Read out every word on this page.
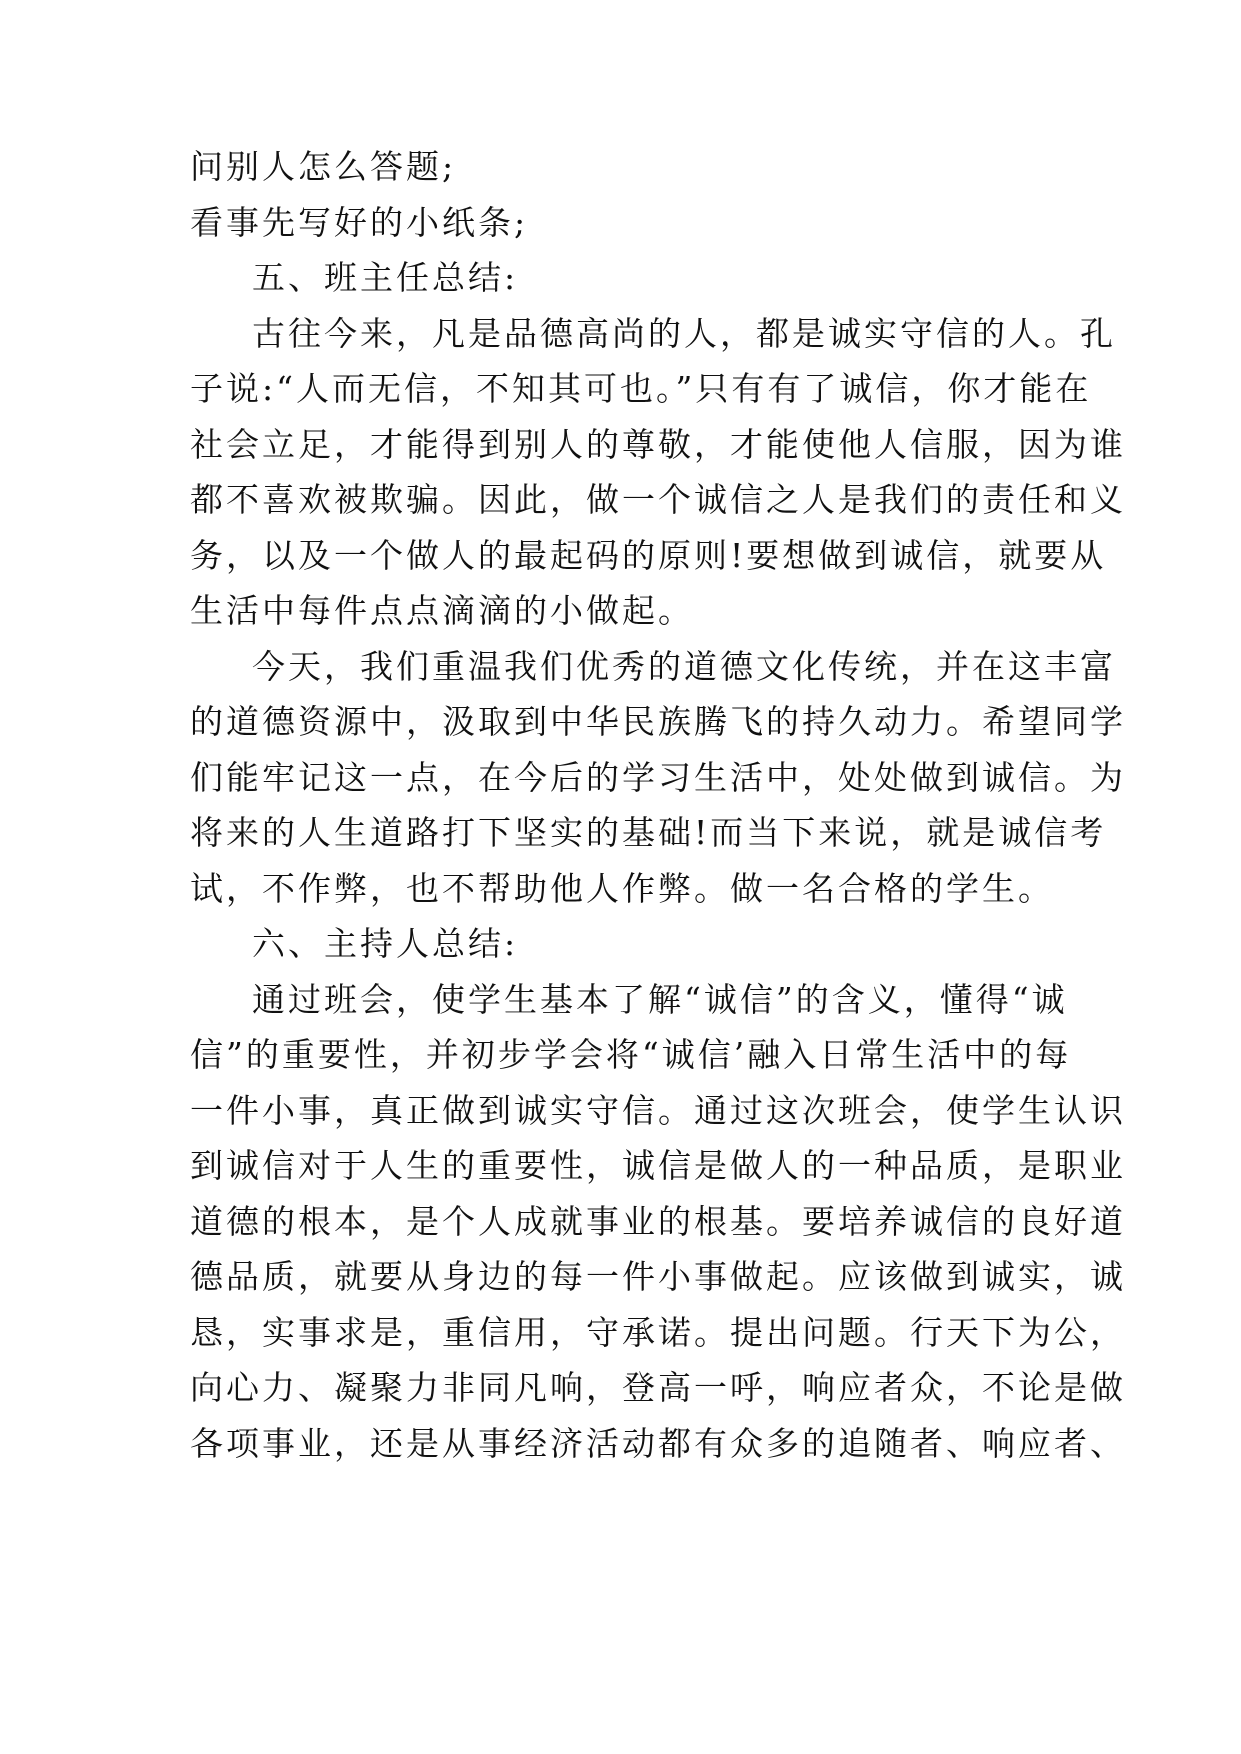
问别人怎么答题;
看事先写好的小纸条;
五、班主任总结:
古往今来，凡是品德高尚的人，都是诚实守信的人。孔
子说:“人而无信，不知其可也。”只有有了诚信，你才能在
社会立足，才能得到别人的尊敬，才能使他人信服，因为谁
都不喜欢被欺骗。因此，做一个诚信之人是我们的责任和义
务，以及一个做人的最起码的原则!要想做到诚信，就要从
生活中每件点点滴滴的小做起。
今天，我们重温我们优秀的道德文化传统，并在这丰富
的道德资源中，汲取到中华民族腾飞的持久动力。希望同学
们能牢记这一点，在今后的学习生活中，处处做到诚信。为
将来的人生道路打下坚实的基础!而当下来说，就是诚信考
试，不作弊，也不帮助他人作弊。做一名合格的学生。
六、主持人总结:
通过班会，使学生基本了解“诚信”的含义，懂得“诚
信”的重要性，并初步学会将“诚信’融入日常生活中的每
一件小事，真正做到诚实守信。通过这次班会，使学生认识
到诚信对于人生的重要性，诚信是做人的一种品质，是职业
道德的根本，是个人成就事业的根基。要培养诚信的良好道
德品质，就要从身边的每一件小事做起。应该做到诚实，诚
恳，实事求是，重信用，守承诺。提出问题。行天下为公，
向心力、凝聚力非同凡响，登高一呼，响应者众，不论是做
各项事业，还是从事经济活动都有众多的追随者、响应者、
